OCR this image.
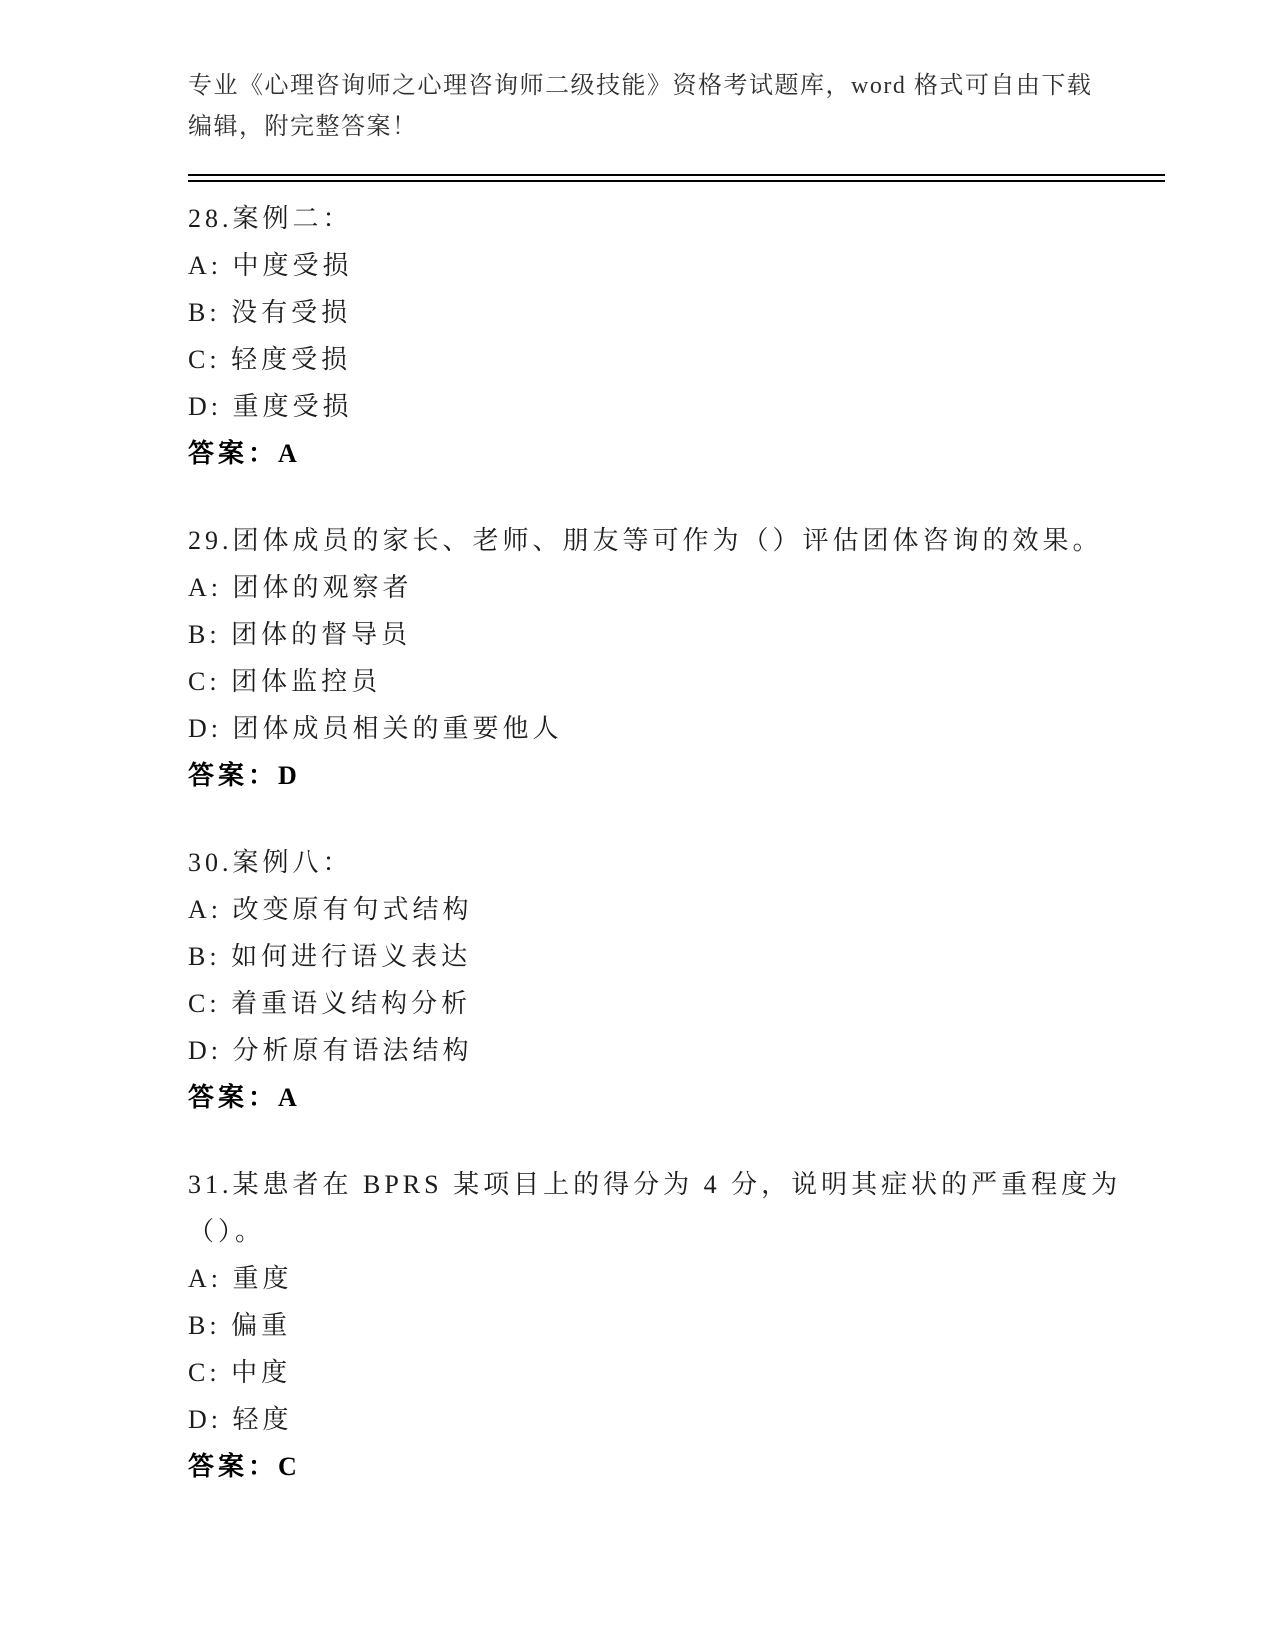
专业《心理咨询师之心理咨询师二级技能》资格考试题库，word 格式可自由下载

编辑，附完整答案！

28.案例二：

A: 中度受损

B: 没有受损

C: 轻度受损

D: 重度受损

答案：A

29.团体成员的家长、老师、朋友等可作为（）评估团体咨询的效果。

A: 团体的观察者

B: 团体的督导员

C: 团体监控员

D: 团体成员相关的重要他人

答案：D

30.案例八：

A: 改变原有句式结构

B: 如何进行语义表达

C: 着重语义结构分析

D: 分析原有语法结构

答案：A

31.某患者在 BPRS 某项目上的得分为 4 分，说明其症状的严重程度为

（）。

A: 重度

B: 偏重

C: 中度

D: 轻度

答案：C
